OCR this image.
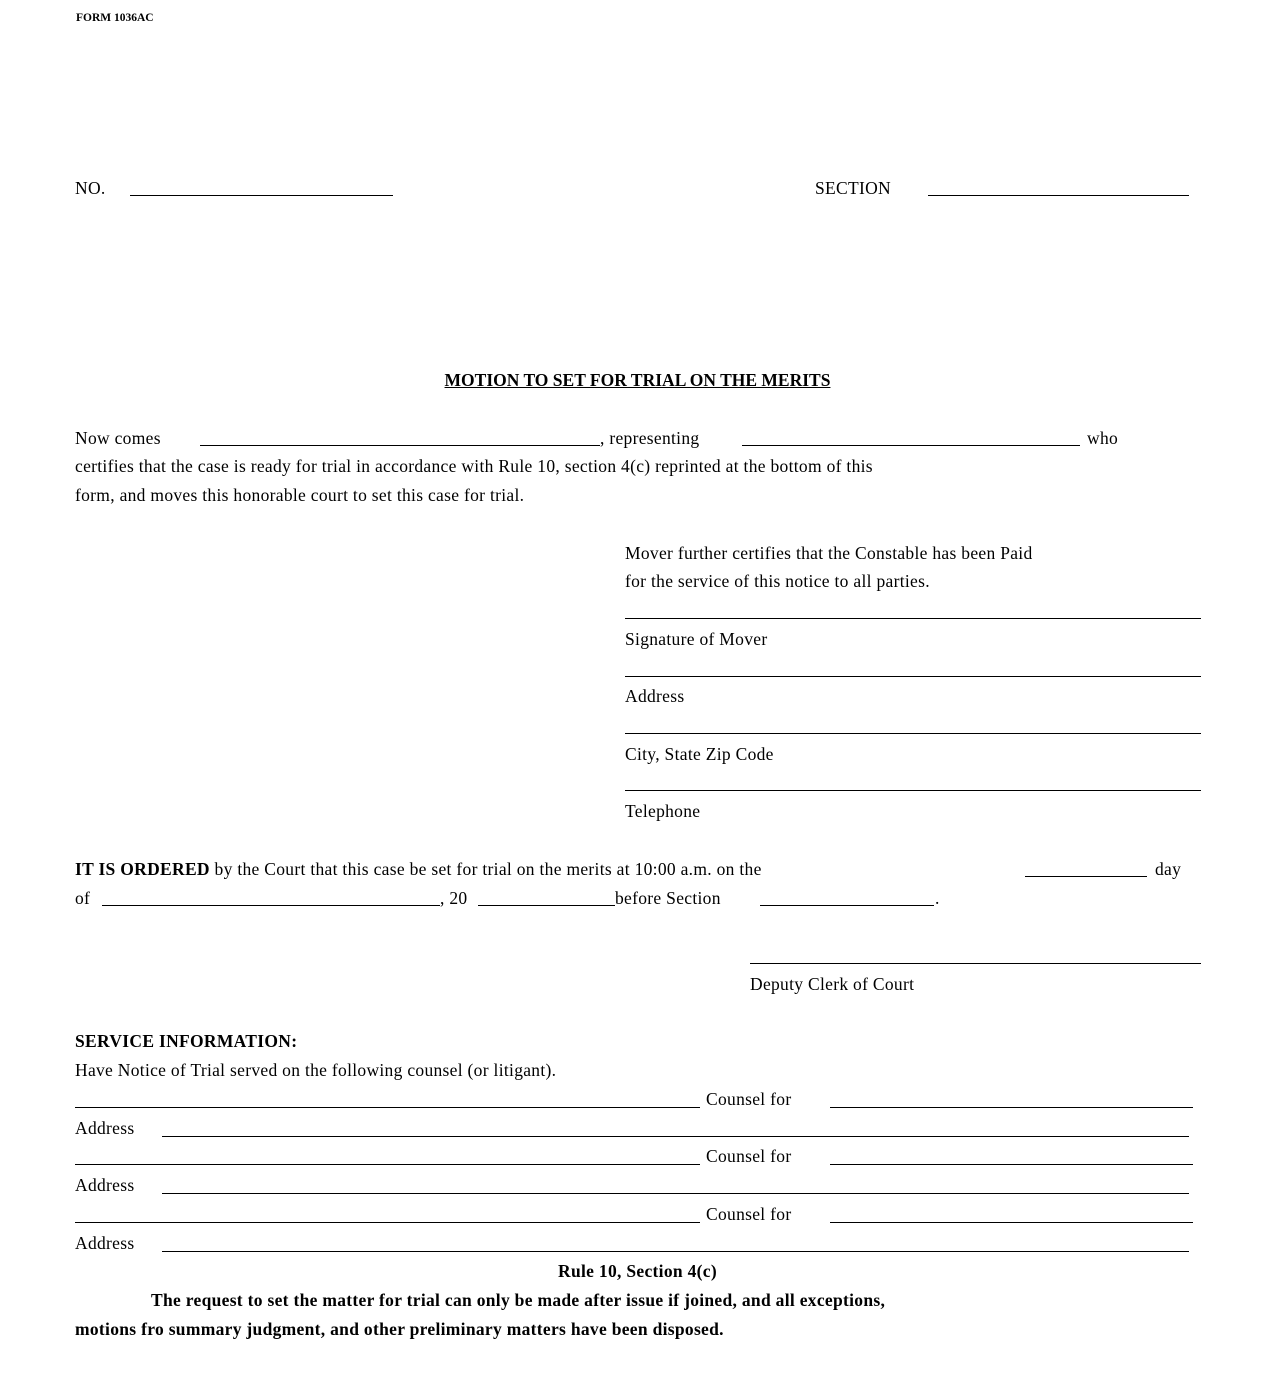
FORM 1036AC
NO.	SECTION
MOTION TO SET FOR TRIAL ON THE MERITS
Now comes	, representing	who
certifies that the case is ready for trial in accordance with Rule 10, section 4(c) reprinted at the bottom of this
form, and moves this honorable court to set this case for trial.
Mover further certifies that the Constable has been Paid
for the service of this notice to all parties.
Signature of Mover
Address
City, State Zip Code
Telephone
IT IS ORDERED by the Court that this case be set for trial on the merits at 10:00 a.m. on the	day
of	, 20	before Section	.
Deputy Clerk of Court
SERVICE INFORMATION:
Have Notice of Trial served on the following counsel (or litigant).
Counsel for
Address
Counsel for
Address
Counsel for
Address
Rule 10, Section 4(c)
The request to set the matter for trial can only be made after issue if joined, and all exceptions,
motions fro summary judgment, and other preliminary matters have been disposed.
